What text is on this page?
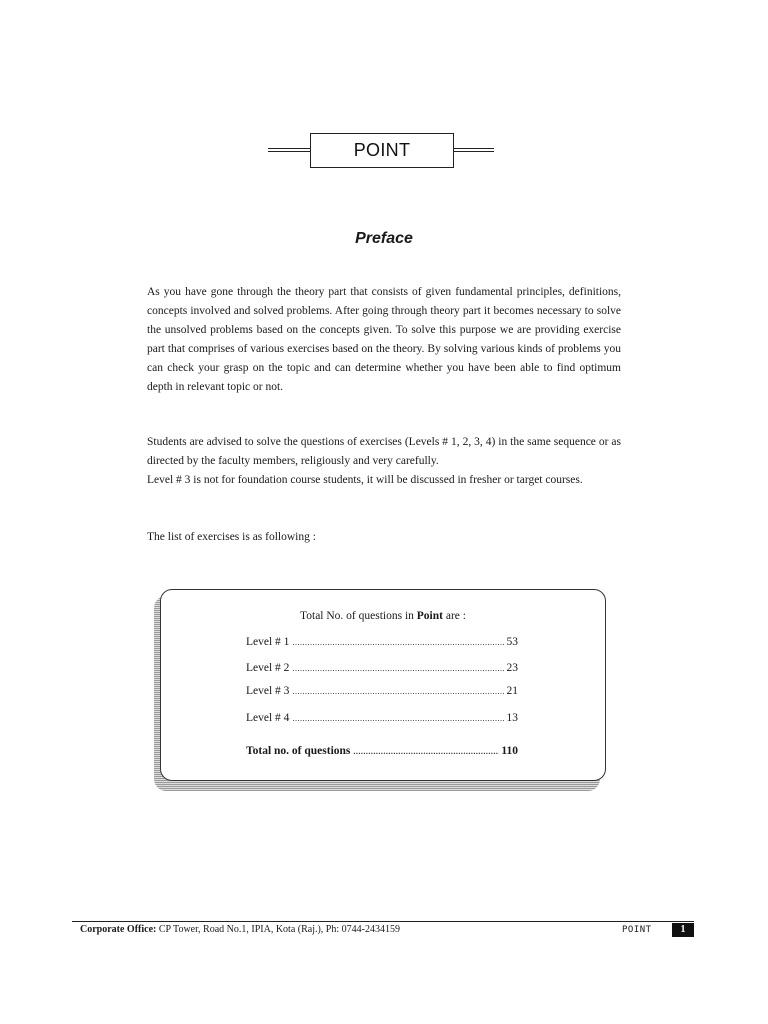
POINT
Preface

As you have gone through the theory part that consists of given fundamental principles, definitions, concepts involved and solved problems. After going through theory part it becomes necessary to solve the unsolved problems based on the concepts given. To solve this purpose we are providing exercise part that comprises of various exercises based on the theory. By solving various kinds of problems you can check your grasp on the topic and can determine whether you have been able to find optimum depth in relevant topic or not.

Students are advised to solve the questions of exercises (Levels # 1, 2, 3, 4) in the same sequence or as directed by the faculty members, religiously and very carefully.

Level # 3 is not for foundation course students, it will be discussed in fresher or target courses.

The list of exercises is as following :

Total No. of questions in Point are :
Level # 1 .....	53
Level # 2 .....	23
Level # 3 .....	21
Level # 4 .....	13
Total no. of questions .....	110
Corporate Office: CP Tower, Road No.1, IPIA, Kota (Raj.), Ph: 0744-2434159	POINT	1
